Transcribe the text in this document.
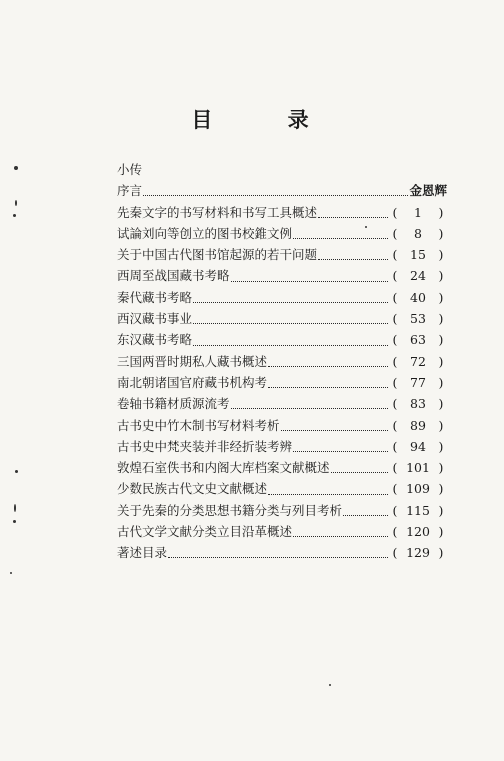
目 录
小传
序言	金恩辉
先秦文字的书写材料和书写工具概述	(	1	)
试論刘向等创立的图书校錐文例	(	8	)
关于中国古代图书馆起源的若干问题	(	15	)
西周至战国藏书考略	(	24	)
秦代藏书考略	(	40	)
西汉藏书事业	(	53	)
东汉藏书考略	(	63	)
三国两晋时期私人藏书概述	(	72	)
南北朝诸国官府藏书机构考	(	77	)
卷轴书籍材质源流考	(	83	)
古书史中竹木制书写材料考析	(	89	)
古书史中梵夹装并非经折装考辨	(	94	)
敦煌石室佚书和内阁大库档案文献概述	( 101 )
少数民族古代文史文献概述	( 109 )
关于先秦的分类思想书籍分类与列目考析	( 115 )
古代文学文献分类立目沿革概述	( 120 )
著述目录	( 129 )
